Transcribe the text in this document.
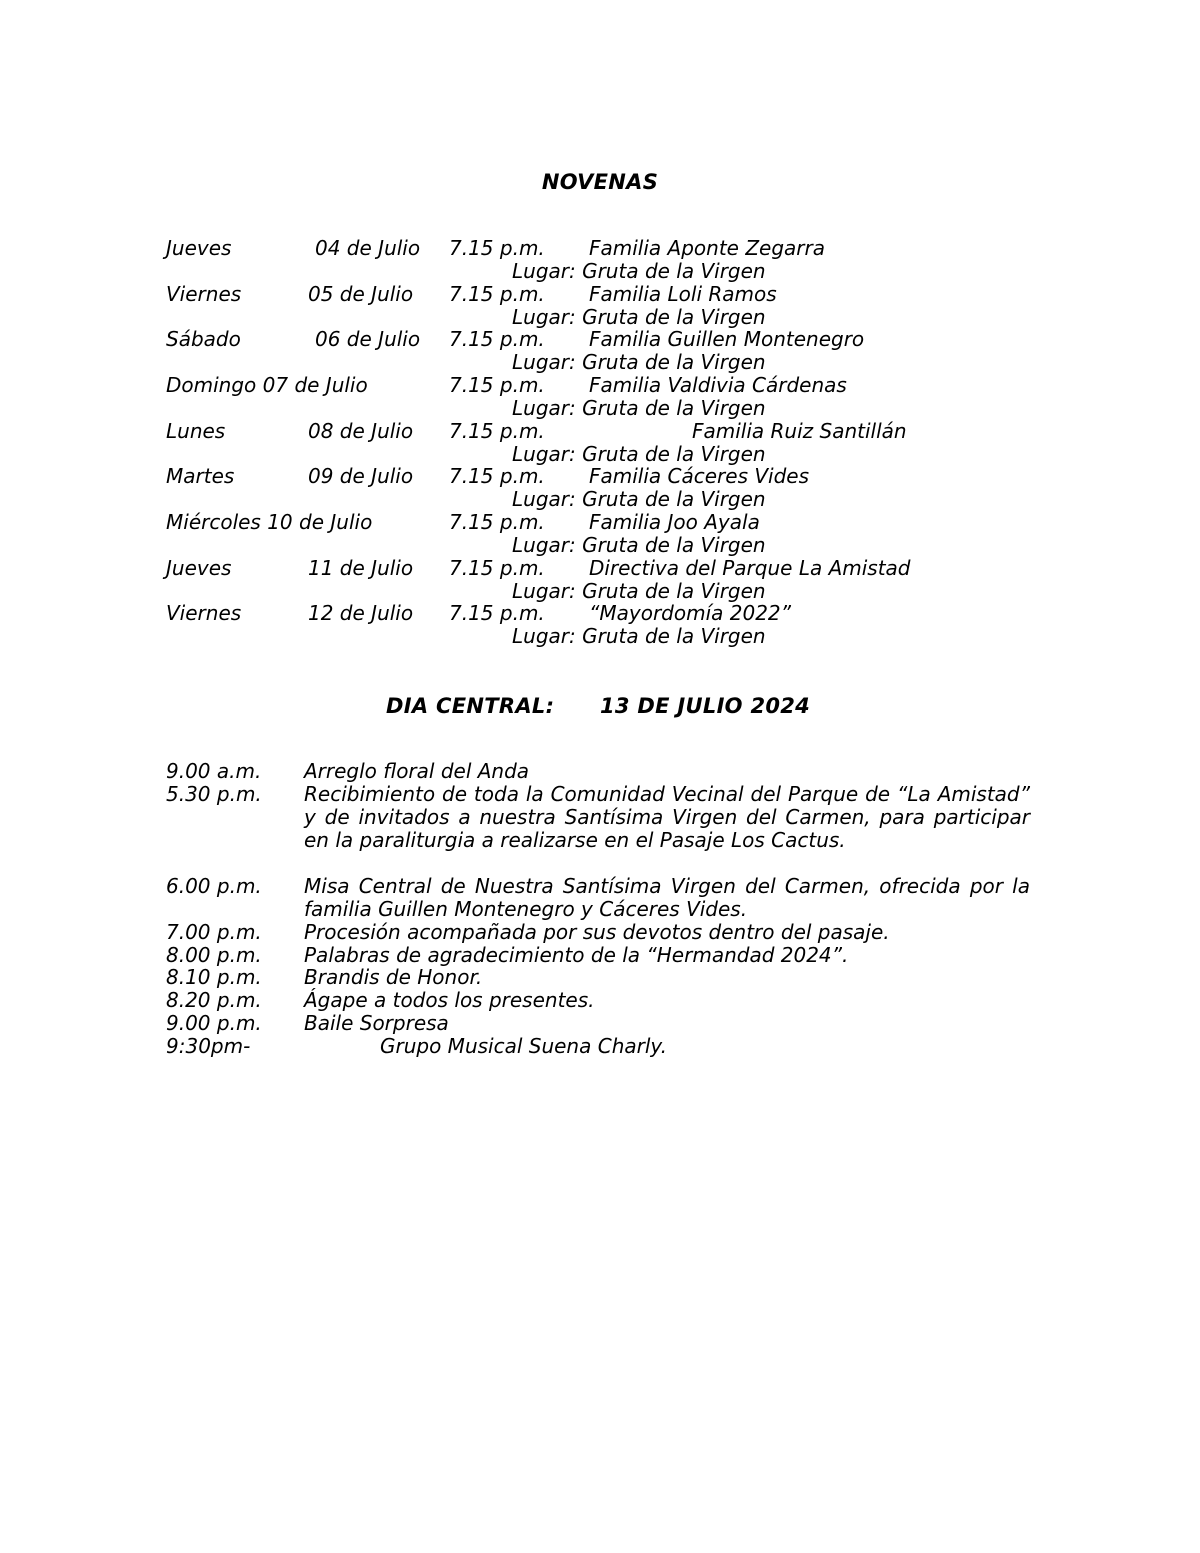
NOVENAS
Jueves	04 de Julio 7.15 p.m. Familia Aponte Zegarra
Lugar: Gruta de la Virgen
Viernes	05 de Julio 7.15 p.m. Familia Loli Ramos
Lugar: Gruta de la Virgen
Sábado	06 de Julio 7.15 p.m. Familia Guillen Montenegro
Lugar: Gruta de la Virgen
Domingo 07 de Julio	7.15 p.m. Familia Valdivia Cárdenas
Lugar: Gruta de la Virgen
Lunes	08 de Julio 7.15 p.m.	Familia Ruiz Santillán
Lugar: Gruta de la Virgen
Martes	09 de Julio 7.15 p.m. Familia Cáceres Vides
Lugar: Gruta de la Virgen
Miércoles 10 de Julio	7.15 p.m. Familia Joo Ayala
Lugar: Gruta de la Virgen
Jueves	11 de Julio 7.15 p.m. Directiva del Parque La Amistad
Lugar: Gruta de la Virgen
Viernes	12 de Julio 7.15 p.m. “Mayordomía 2022”
Lugar: Gruta de la Virgen
DIA CENTRAL: 13 DE JULIO 2024
9.00 a.m. Arreglo floral del Anda
5.30 p.m. Recibimiento de toda la Comunidad Vecinal del Parque de “La Amistad” y de invitados a nuestra Santísima Virgen del Carmen, para participar en la paraliturgia a realizarse en el Pasaje Los Cactus.
6.00 p.m. Misa Central de Nuestra Santísima Virgen del Carmen, ofrecida por la familia Guillen Montenegro y Cáceres Vides.
7.00 p.m. Procesión acompañada por sus devotos dentro del pasaje.
8.00 p.m. Palabras de agradecimiento de la “Hermandad 2024”.
8.10 p.m. Brandis de Honor.
8.20 p.m. Ágape a todos los presentes.
9.00 p.m. Baile Sorpresa
9:30pm-	Grupo Musical Suena Charly.
